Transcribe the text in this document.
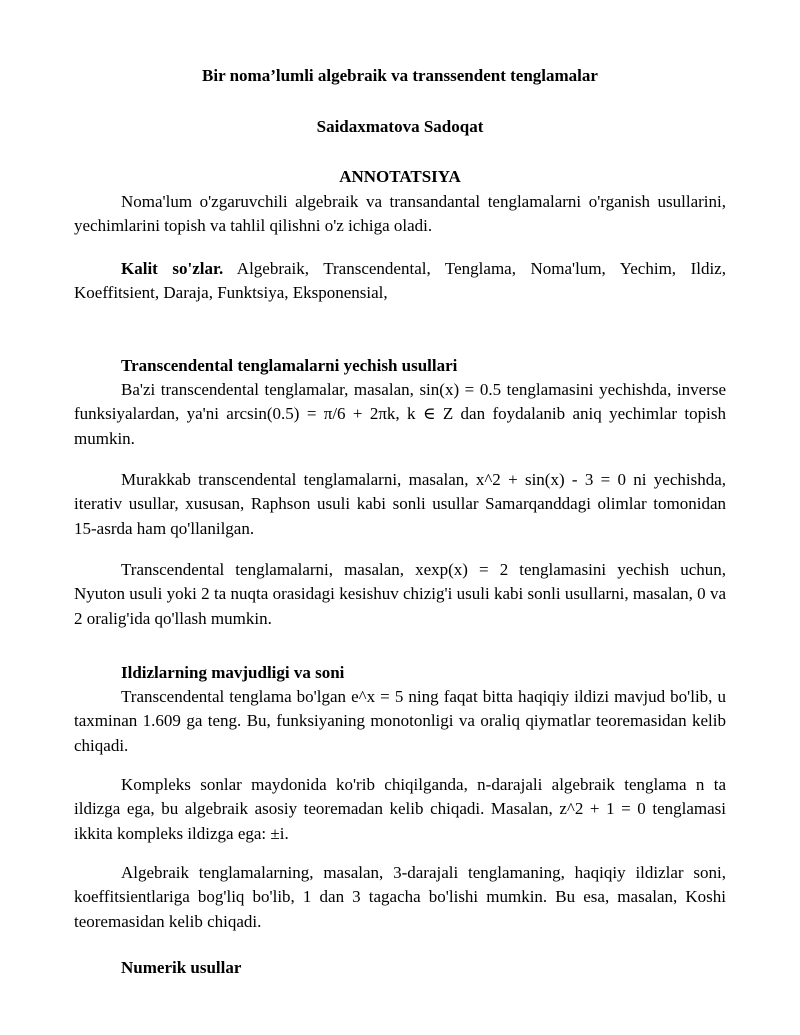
Bir noma’lumli algebraik va transsendent tenglamalar
Saidaxmatova Sadoqat
ANNOTATSIYA

Noma'lum o'zgaruvchili algebraik va transandantal tenglamalarni o'rganish usullarini, yechimlarini topish va tahlil qilishni o'z ichiga oladi.

Kalit so'zlar. Algebraik, Transcendental, Tenglama, Noma'lum, Yechim, Ildiz, Koeffitsient, Daraja, Funktsiya, Eksponensial,

Transcendental tenglamalarni yechish usullari

Ba'zi transcendental tenglamalar, masalan, sin(x) = 0.5 tenglamasini yechishda, inverse funksiyalardan, ya'ni arcsin(0.5) = π/6 + 2πk, k ∈ Z dan foydalanib aniq yechimlar topish mumkin.

Murakkab transcendental tenglamalarni, masalan, x^2 + sin(x) - 3 = 0 ni yechishda, iterativ usullar, xususan, Raphson usuli kabi sonli usullar Samarqanddagi olimlar tomonidan 15-asrda ham qo'llanilgan.

Transcendental tenglamalarni, masalan, xexp(x) = 2 tenglamasini yechish uchun, Nyuton usuli yoki 2 ta nuqta orasidagi kesishuv chizig'i usuli kabi sonli usullarni, masalan, 0 va 2 oralig'ida qo'llash mumkin.

Ildizlarning mavjudligi va soni

Transcendental tenglama bo'lgan e^x = 5 ning faqat bitta haqiqiy ildizi mavjud bo'lib, u taxminan 1.609 ga teng. Bu, funksiyaning monotonligi va oraliq qiymatlar teoremasidan kelib chiqadi.

Kompleks sonlar maydonida ko'rib chiqilganda, n-darajali algebraik tenglama n ta ildizga ega, bu algebraik asosiy teoremadan kelib chiqadi. Masalan, z^2 + 1 = 0 tenglamasi ikkita kompleks ildizga ega: ±i.

Algebraik tenglamalarning, masalan, 3-darajali tenglamaning, haqiqiy ildizlar soni, koeffitsientlariga bog'liq bo'lib, 1 dan 3 tagacha bo'lishi mumkin. Bu esa, masalan, Koshi teoremasidan kelib chiqadi.

Numerik usullar
